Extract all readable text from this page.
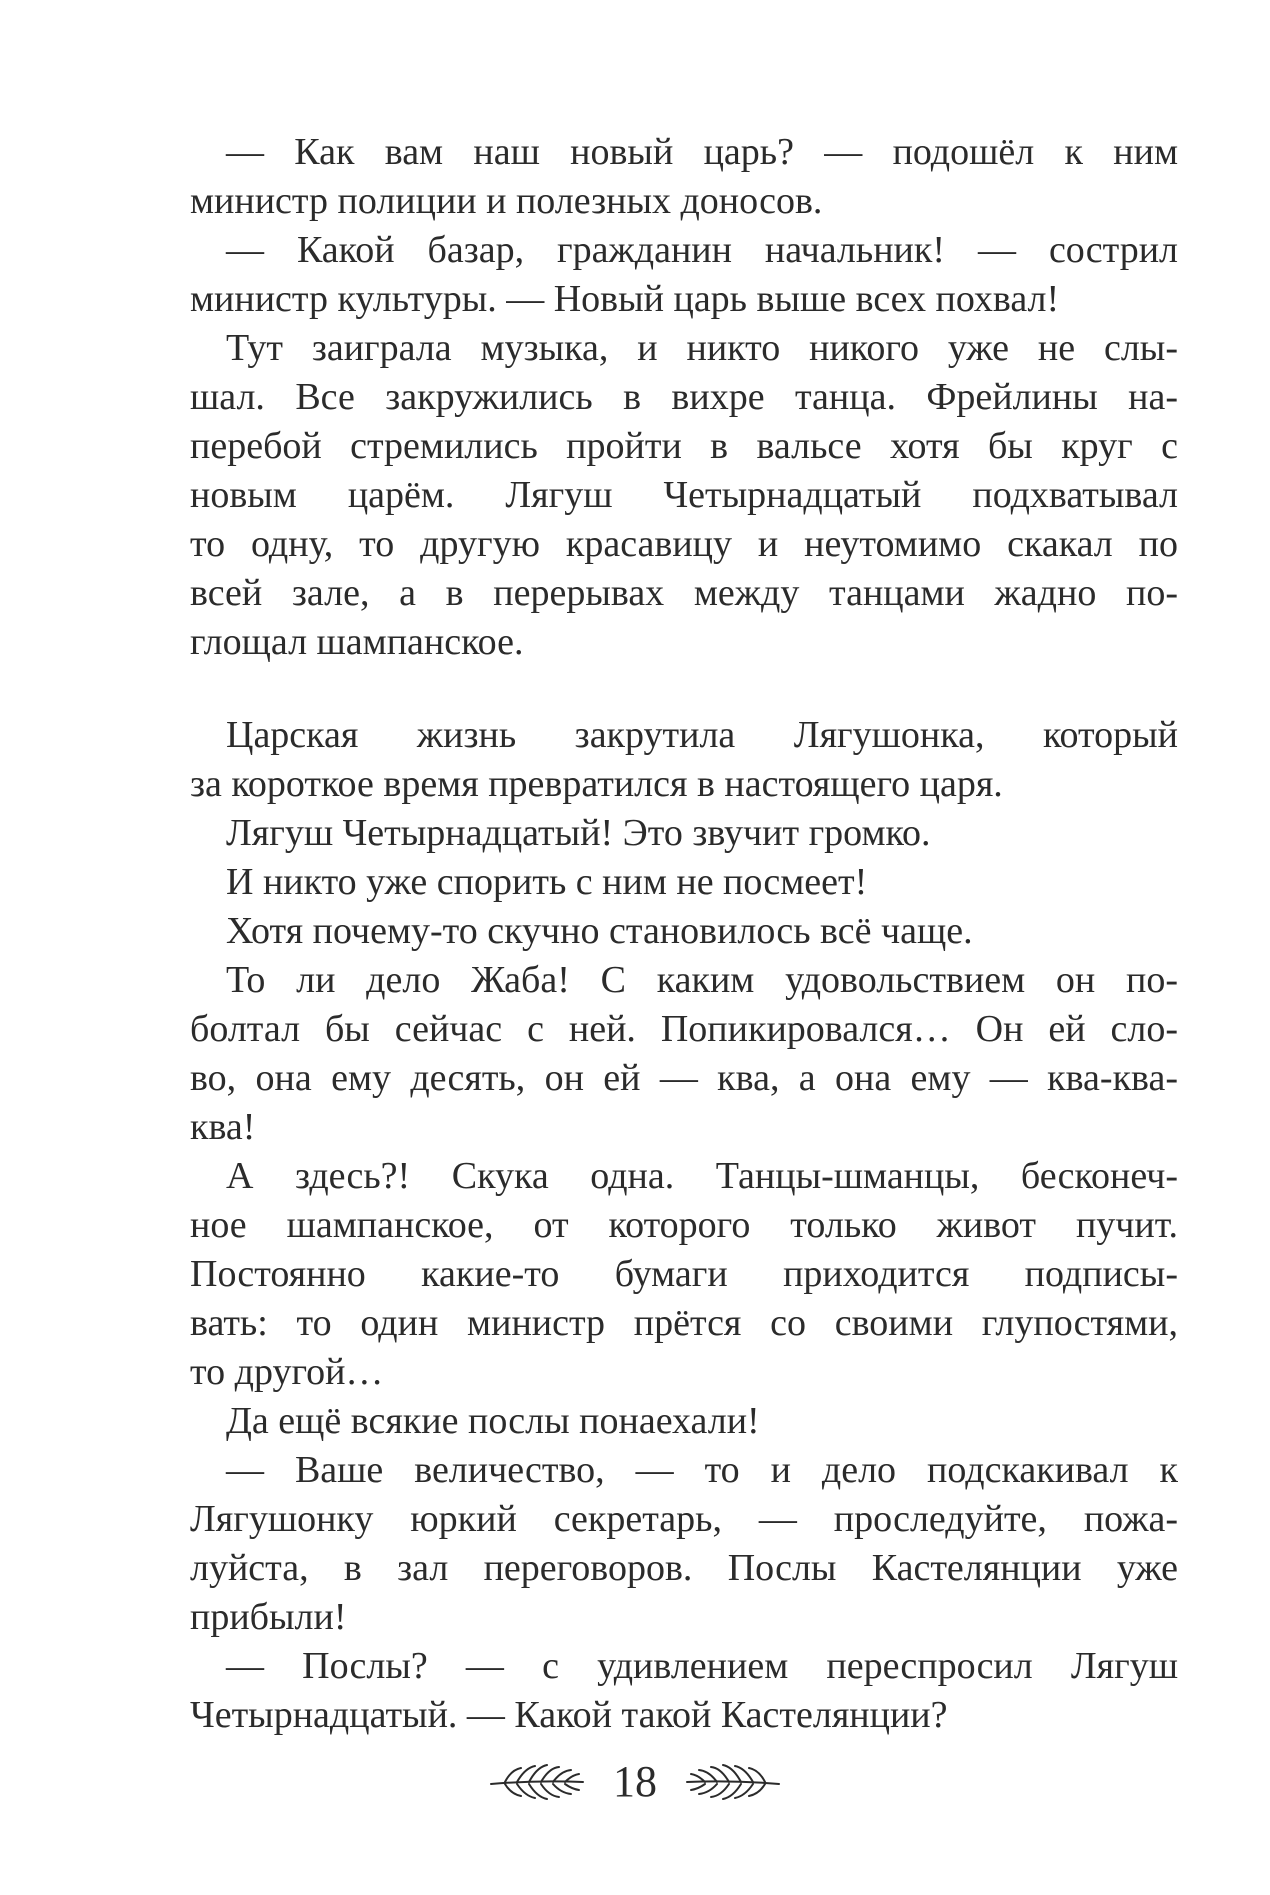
— Как вам наш новый царь? — подошёл к ним
министр полиции и полезных доносов.
— Какой базар, гражданин начальник! — сострил
министр культуры. — Новый царь выше всех похвал!
Тут заиграла музыка, и никто никого уже не слы-
шал. Все закружились в вихре танца. Фрейлины на-
перебой стремились пройти в вальсе хотя бы круг с
новым царём. Лягуш Четырнадцатый подхватывал
то одну, то другую красавицу и неутомимо скакал по
всей зале, а в перерывах между танцами жадно по-
глощал шампанское.
Царская жизнь закрутила Лягушонка, который
за короткое время превратился в настоящего царя.
Лягуш Четырнадцатый! Это звучит громко.
И никто уже спорить с ним не посмеет!
Хотя почему-то скучно становилось всё чаще.
То ли дело Жаба! С каким удовольствием он по-
болтал бы сейчас с ней. Попикировался… Он ей сло-
во, она ему десять, он ей — ква, а она ему — ква-ква-
ква!
А здесь?! Скука одна. Танцы-шманцы, бесконеч-
ное шампанское, от которого только живот пучит.
Постоянно какие-то бумаги приходится подписы-
вать: то один министр прётся со своими глупостями,
то другой…
Да ещё всякие послы понаехали!
— Ваше величество, — то и дело подскакивал к
Лягушонку юркий секретарь, — проследуйте, пожа-
луйста, в зал переговоров. Послы Кастелянции уже
прибыли!
— Послы? — с удивлением переспросил Лягуш
Четырнадцатый. — Какой такой Кастелянции?
18
